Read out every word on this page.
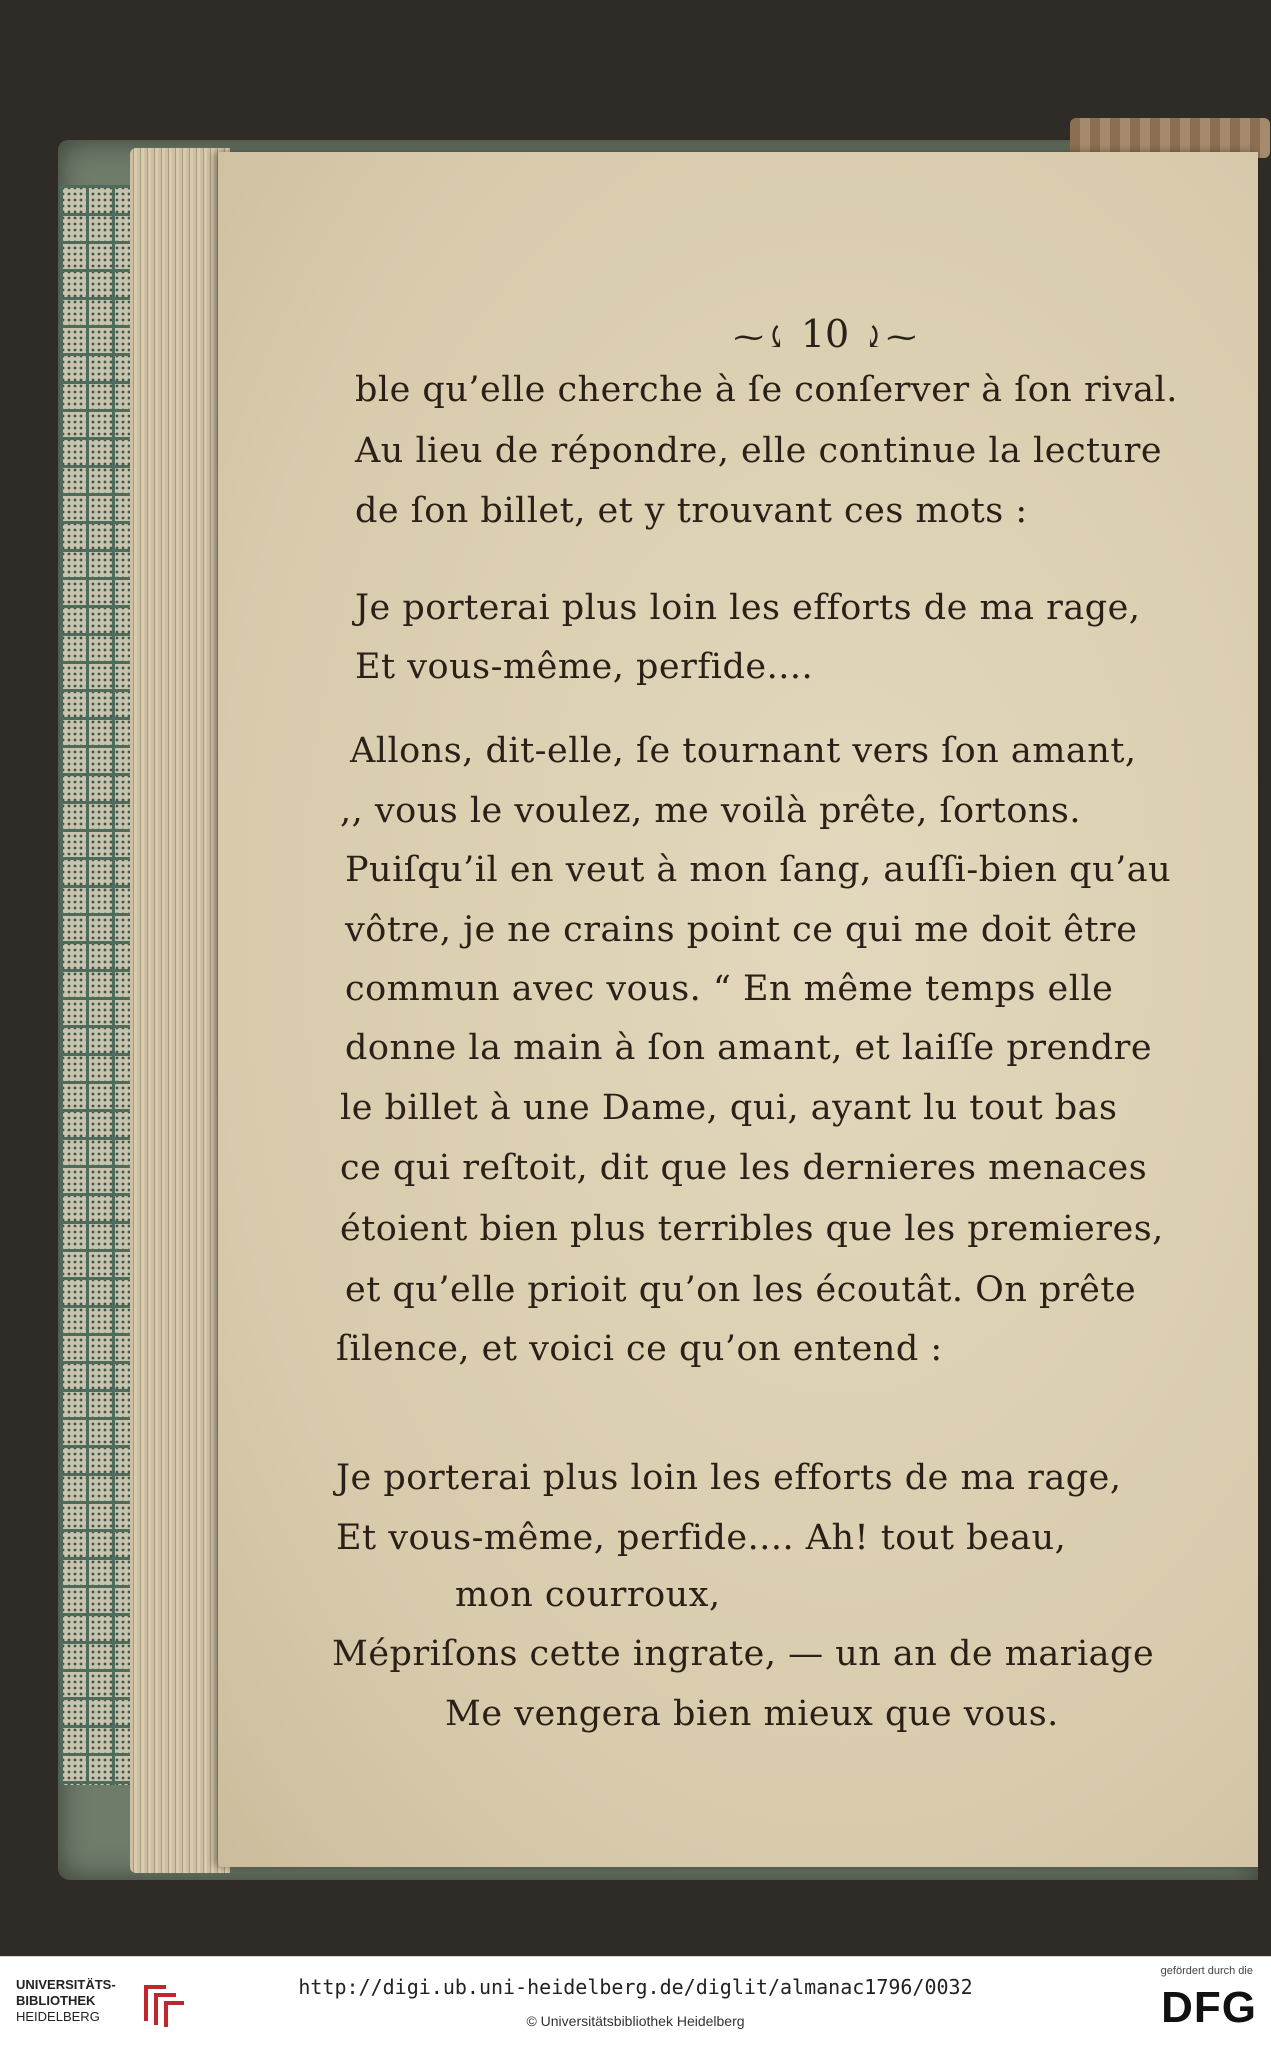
⁓⤹ 10 ⤸⁓
ble qu’elle cherche à ſe conſerver à ſon rival.
Au lieu de répondre, elle continue la lecture
de ſon billet, et y trouvant ces mots :
Je porterai plus loin les efforts de ma rage,
Et vous-même, perfide....
Allons, dit-elle, ſe tournant vers ſon amant,
,, vous le voulez, me voilà prête, ſortons.
Puiſqu’il en veut à mon ſang, auſſi-bien qu’au
vôtre, je ne crains point ce qui me doit être
commun avec vous. “ En même temps elle
donne la main à ſon amant, et laiſſe prendre
le billet à une Dame, qui, ayant lu tout bas
ce qui reſtoit, dit que les dernieres menaces
étoient bien plus terribles que les premieres,
et qu’elle prioit qu’on les écoutât. On prête
ſilence, et voici ce qu’on entend :
Je porterai plus loin les efforts de ma rage,
Et vous-même, perfide.... Ah! tout beau,
mon courroux,
Mépriſons cette ingrate, — un an de mariage
Me vengera bien mieux que vous.
UNIVERSITÄTS-
BIBLIOTHEK
HEIDELBERG
http://digi.ub.uni-heidelberg.de/diglit/almanac1796/0032
© Universitätsbibliothek Heidelberg
gefördert durch die
DFG
